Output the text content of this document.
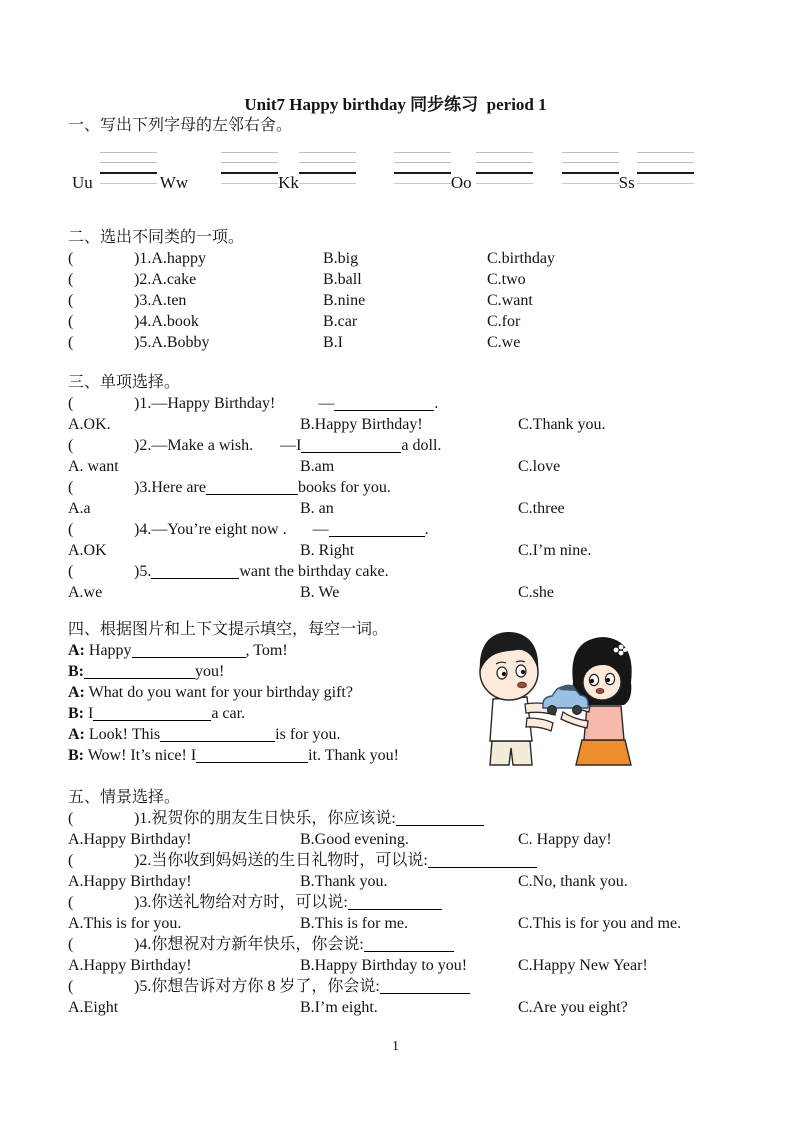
Unit7 Happy birthday 同步练习  period 1
一、写出下列字母的左邻右舍。
Uu	Ww	Kk	Oo	Ss
二、选出不同类的一项。
(	)1.A.happy	B.big	C.birthday
(	)2.A.cake	B.ball	C.two
(	)3.A.ten	B.nine	C.want
(	)4.A.book	B.car	C.for
(	)5.A.Bobby	B.I	C.we
三、单项选择。
(	)1.—Happy Birthday!	—	.
A.OK.	B.Happy Birthday!	C.Thank you.
(	)2.—Make a wish. —I	a doll.
A. want	B.am	C.love
(	)3.Here are	books for you.
A.a	B. an	C.three
(	)4.—You’re eight now . —	.
A.OK	B. Right	C.I’m nine.
(	)5.	want the birthday cake.
A.we	B. We	C.she
四、根据图片和上下文提示填空，每空一词。
A: Happy	, Tom!
B:	you!
A: What do you want for your birthday gift?
B: I	a car.
A: Look! This	is for you.
B: Wow! It’s nice! I	it. Thank you!
五、情景选择。
(	)1.祝贺你的朋友生日快乐，你应该说:
A.Happy Birthday!	B.Good evening.	C. Happy day!
(	)2.当你收到妈妈送的生日礼物时，可以说:
A.Happy Birthday!	B.Thank you.	C.No, thank you.
(	)3.你送礼物给对方时，可以说:
A.This is for you.	B.This is for me.	C.This is for you and me.
(	)4.你想祝对方新年快乐，你会说:
A.Happy Birthday!	B.Happy Birthday to you!	C.Happy New Year!
(	)5.你想告诉对方你 8 岁了，你会说:
A.Eight	B.I’m eight.	C.Are you eight?
1
